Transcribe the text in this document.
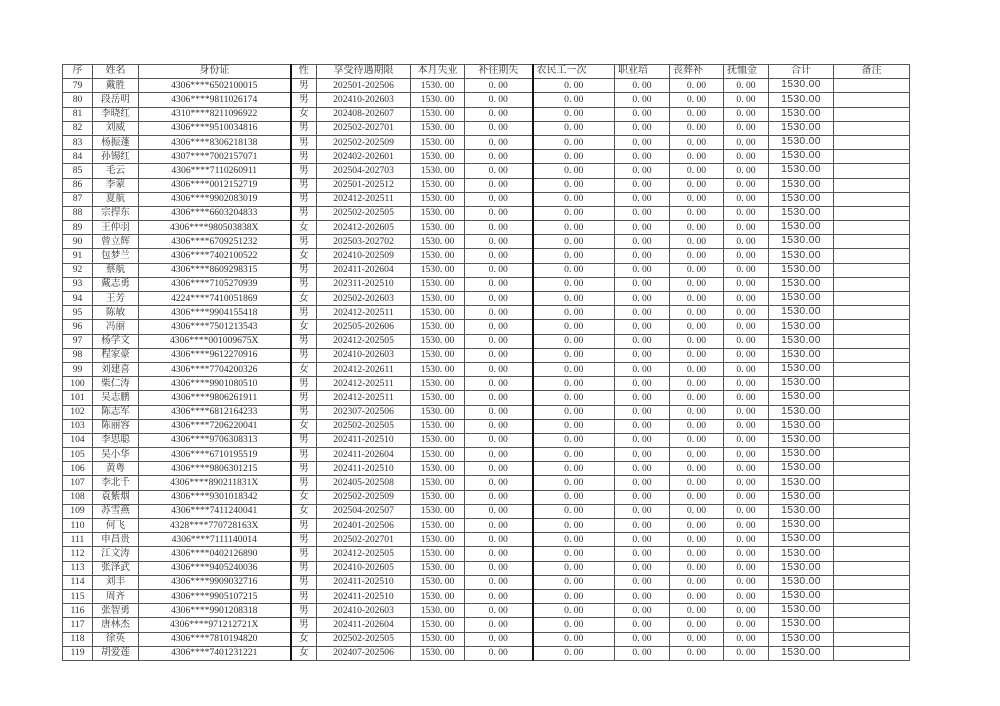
序	姓名	身份证	性	享受待遇期限	本月失业	补往期失	农民工一次	职业培	丧葬补	抚恤金	合计	备注
79	戴胜	4306****6502100015	男	202501-202506	1530. 00	0. 00	0. 00	0. 00	0. 00	0. 00	1530.00	
80	段岳明	4306****9811026174	男	202410-202603	1530. 00	0. 00	0. 00	0. 00	0. 00	0. 00	1530.00	
81	李晓红	4310****8211096922	女	202408-202607	1530. 00	0. 00	0. 00	0. 00	0. 00	0. 00	1530.00	
82	刘威	4306****9510034816	男	202502-202701	1530. 00	0. 00	0. 00	0. 00	0. 00	0. 00	1530.00	
83	杨振蓬	4306****8306218138	男	202502-202509	1530. 00	0. 00	0. 00	0. 00	0. 00	0. 00	1530.00	
84	孙锡红	4307****7002157071	男	202402-202601	1530. 00	0. 00	0. 00	0. 00	0. 00	0. 00	1530.00	
85	毛云	4306****7110260911	男	202504-202703	1530. 00	0. 00	0. 00	0. 00	0. 00	0. 00	1530.00	
86	李蒙	4306****0012152719	男	202501-202512	1530. 00	0. 00	0. 00	0. 00	0. 00	0. 00	1530.00	
87	夏航	4306****9902083019	男	202412-202511	1530. 00	0. 00	0. 00	0. 00	0. 00	0. 00	1530.00	
88	宗捍东	4306****6603204833	男	202502-202505	1530. 00	0. 00	0. 00	0. 00	0. 00	0. 00	1530.00	
89	王仲羽	4306****980503838X	女	202412-202605	1530. 00	0. 00	0. 00	0. 00	0. 00	0. 00	1530.00	
90	曾立辉	4306****6709251232	男	202503-202702	1530. 00	0. 00	0. 00	0. 00	0. 00	0. 00	1530.00	
91	包梦兰	4306****7402100522	女	202410-202509	1530. 00	0. 00	0. 00	0. 00	0. 00	0. 00	1530.00	
92	蔡航	4306****8609298315	男	202411-202604	1530. 00	0. 00	0. 00	0. 00	0. 00	0. 00	1530.00	
93	戴志勇	4306****7105270939	男	202311-202510	1530. 00	0. 00	0. 00	0. 00	0. 00	0. 00	1530.00	
94	王芳	4224****7410051869	女	202502-202603	1530. 00	0. 00	0. 00	0. 00	0. 00	0. 00	1530.00	
95	陈敏	4306****9904155418	男	202412-202511	1530. 00	0. 00	0. 00	0. 00	0. 00	0. 00	1530.00	
96	冯丽	4306****7501213543	女	202505-202606	1530. 00	0. 00	0. 00	0. 00	0. 00	0. 00	1530.00	
97	杨学文	4306****001009675X	男	202412-202505	1530. 00	0. 00	0. 00	0. 00	0. 00	0. 00	1530.00	
98	程家豪	4306****9612270916	男	202410-202603	1530. 00	0. 00	0. 00	0. 00	0. 00	0. 00	1530.00	
99	刘建喜	4306****7704200326	女	202412-202611	1530. 00	0. 00	0. 00	0. 00	0. 00	0. 00	1530.00	
100	柴仁涛	4306****9901080510	男	202412-202511	1530. 00	0. 00	0. 00	0. 00	0. 00	0. 00	1530.00	
101	吴志鹏	4306****9806261911	男	202412-202511	1530. 00	0. 00	0. 00	0. 00	0. 00	0. 00	1530.00	
102	陈志军	4306****6812164233	男	202307-202506	1530. 00	0. 00	0. 00	0. 00	0. 00	0. 00	1530.00	
103	陈丽容	4306****7206220041	女	202502-202505	1530. 00	0. 00	0. 00	0. 00	0. 00	0. 00	1530.00	
104	李思聪	4306****9706308313	男	202411-202510	1530. 00	0. 00	0. 00	0. 00	0. 00	0. 00	1530.00	
105	吴小华	4306****6710195519	男	202411-202604	1530. 00	0. 00	0. 00	0. 00	0. 00	0. 00	1530.00	
106	黄粤	4306****9806301215	男	202411-202510	1530. 00	0. 00	0. 00	0. 00	0. 00	0. 00	1530.00	
107	李北千	4306****890211831X	男	202405-202508	1530. 00	0. 00	0. 00	0. 00	0. 00	0. 00	1530.00	
108	袁紫烟	4306****9301018342	女	202502-202509	1530. 00	0. 00	0. 00	0. 00	0. 00	0. 00	1530.00	
109	苏雪燕	4306****7411240041	女	202504-202507	1530. 00	0. 00	0. 00	0. 00	0. 00	0. 00	1530.00	
110	何飞	4328****770728163X	男	202401-202506	1530. 00	0. 00	0. 00	0. 00	0. 00	0. 00	1530.00	
111	申昌贵	4306****7111140014	男	202502-202701	1530. 00	0. 00	0. 00	0. 00	0. 00	0. 00	1530.00	
112	江文涛	4306****0402126890	男	202412-202505	1530. 00	0. 00	0. 00	0. 00	0. 00	0. 00	1530.00	
113	张泽武	4306****9405240036	男	202410-202605	1530. 00	0. 00	0. 00	0. 00	0. 00	0. 00	1530.00	
114	刘丰	4306****9909032716	男	202411-202510	1530. 00	0. 00	0. 00	0. 00	0. 00	0. 00	1530.00	
115	周齐	4306****9905107215	男	202411-202510	1530. 00	0. 00	0. 00	0. 00	0. 00	0. 00	1530.00	
116	张智勇	4306****9901208318	男	202410-202603	1530. 00	0. 00	0. 00	0. 00	0. 00	0. 00	1530.00	
117	唐林杰	4306****971212721X	男	202411-202604	1530. 00	0. 00	0. 00	0. 00	0. 00	0. 00	1530.00	
118	徐英	4306****7810194820	女	202502-202505	1530. 00	0. 00	0. 00	0. 00	0. 00	0. 00	1530.00	
119	胡爱莲	4306****7401231221	女	202407-202506	1530. 00	0. 00	0. 00	0. 00	0. 00	0. 00	1530.00	
